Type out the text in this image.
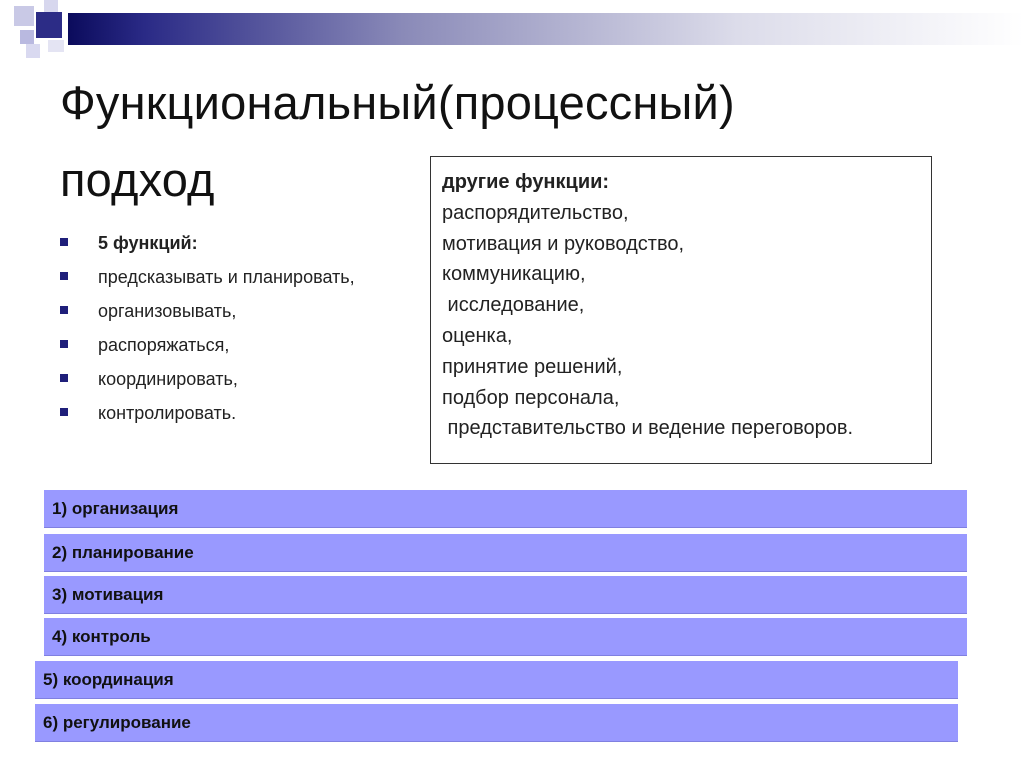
Функциональный(процессный)
подход
5 функций:
предсказывать и планировать,
организовывать,
распоряжаться,
координировать,
контролировать.
другие функции:
распорядительство,
мотивация и руководство,
коммуникацию,
исследование,
оценка,
принятие решений,
подбор персонала,
представительство и ведение переговоров.
1) организация
2) планирование
3) мотивация
4) контроль
5) координация
6) регулирование
